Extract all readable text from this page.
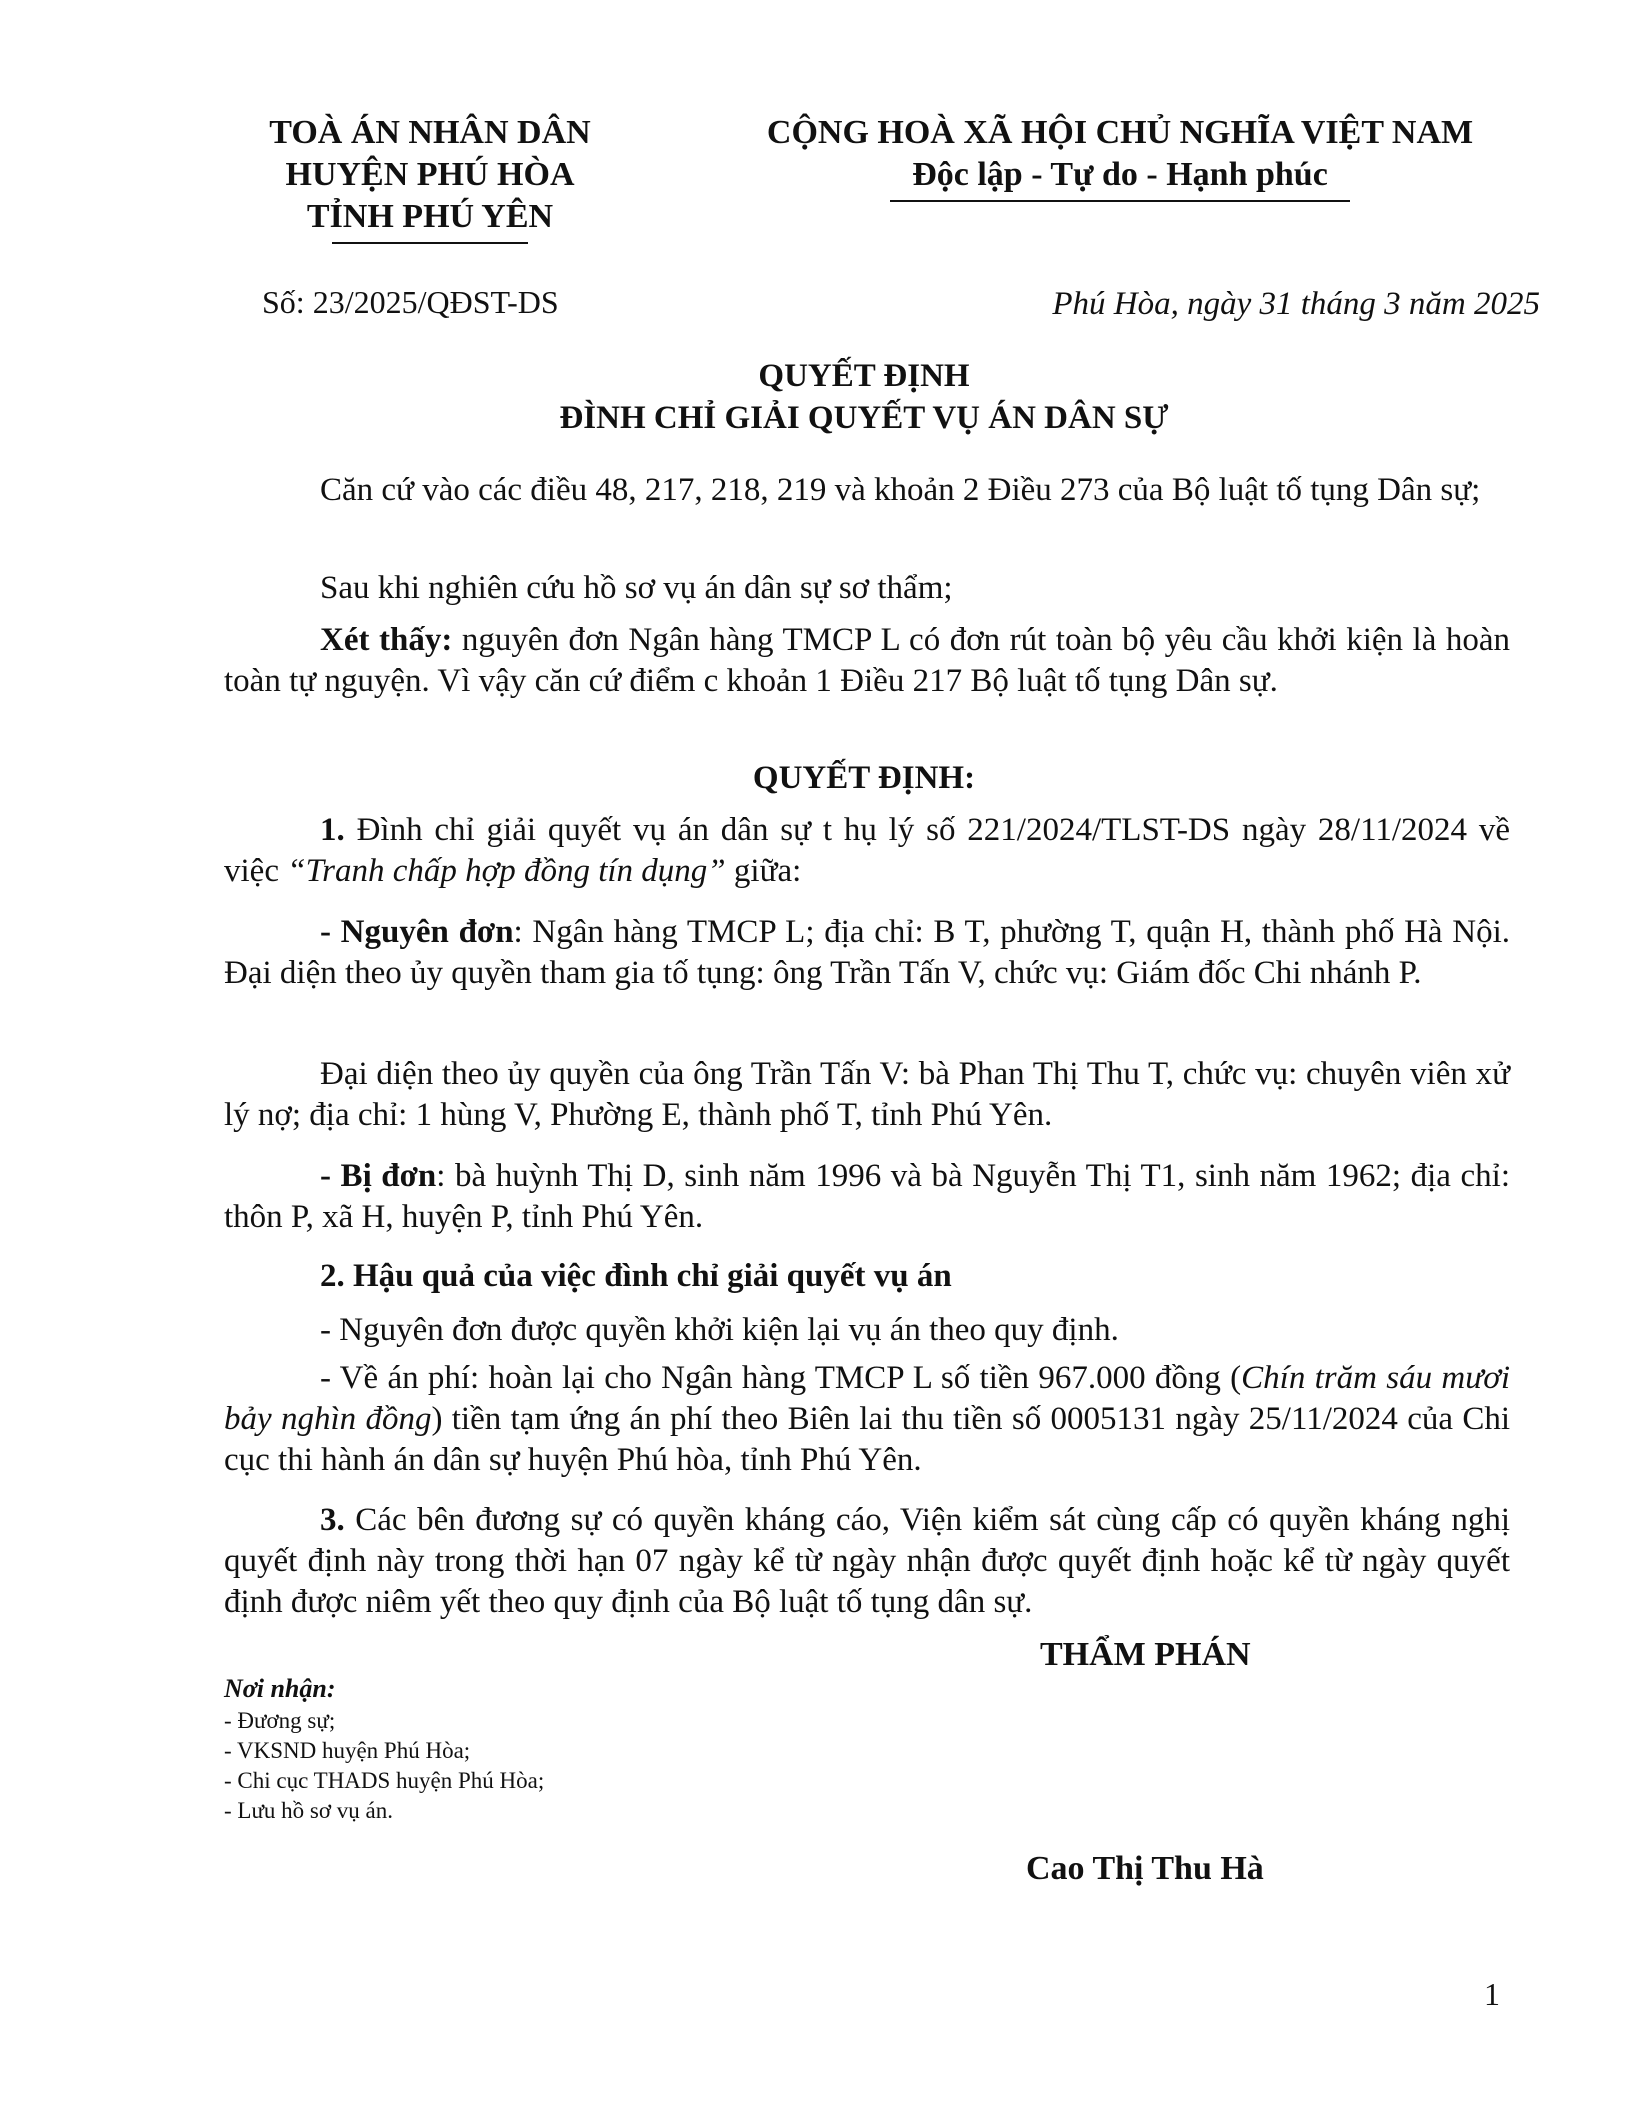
TOÀ ÁN NHÂN DÂN
HUYỆN PHÚ HÒA
TỈNH PHÚ YÊN
CỘNG HOÀ XÃ HỘI CHỦ NGHĨA VIỆT NAM
Độc lập - Tự do - Hạnh phúc
Số: 23/2025/QĐST-DS	Phú Hòa, ngày 31 tháng 3 năm 2025
QUYẾT ĐỊNH
ĐÌNH CHỈ GIẢI QUYẾT VỤ ÁN DÂN SỰ
Căn cứ vào các điều 48, 217, 218, 219 và khoản 2 Điều 273 của Bộ luật tố tụng Dân sự;
Sau khi nghiên cứu hồ sơ vụ án dân sự sơ thẩm;
Xét thấy: nguyên đơn Ngân hàng TMCP L có đơn rút toàn bộ yêu cầu khởi kiện là hoàn toàn tự nguyện. Vì vậy căn cứ điểm c khoản 1 Điều 217 Bộ luật tố tụng Dân sự.
QUYẾT ĐỊNH:
1. Đình chỉ giải quyết vụ án dân sự t hụ lý số 221/2024/TLST-DS ngày 28/11/2024 về việc “Tranh chấp hợp đồng tín dụng” giữa:
- Nguyên đơn: Ngân hàng TMCP L; địa chỉ: B T, phường T, quận H, thành phố Hà Nội. Đại diện theo ủy quyền tham gia tố tụng: ông Trần Tấn V, chức vụ: Giám đốc Chi nhánh P.
Đại diện theo ủy quyền của ông Trần Tấn V: bà Phan Thị Thu T, chức vụ: chuyên viên xử lý nợ; địa chỉ: 1 hùng V, Phường E, thành phố T, tỉnh Phú Yên.
- Bị đơn: bà huỳnh Thị D, sinh năm 1996 và bà Nguyễn Thị T1, sinh năm 1962; địa chỉ: thôn P, xã H, huyện P, tỉnh Phú Yên.
2. Hậu quả của việc đình chỉ giải quyết vụ án
- Nguyên đơn được quyền khởi kiện lại vụ án theo quy định.
- Về án phí: hoàn lại cho Ngân hàng TMCP L số tiền 967.000 đồng (Chín trăm sáu mươi bảy nghìn đồng) tiền tạm ứng án phí theo Biên lai thu tiền số 0005131 ngày 25/11/2024 của Chi cục thi hành án dân sự huyện Phú hòa, tỉnh Phú Yên.
3. Các bên đương sự có quyền kháng cáo, Viện kiểm sát cùng cấp có quyền kháng nghị quyết định này trong thời hạn 07 ngày kể từ ngày nhận được quyết định hoặc kể từ ngày quyết định được niêm yết theo quy định của Bộ luật tố tụng dân sự.
THẨM PHÁN
Nơi nhận:
- Đương sự;
- VKSND huyện Phú Hòa;
- Chi cục THADS huyện Phú Hòa;
- Lưu hồ sơ vụ án.
Cao Thị Thu Hà
1
